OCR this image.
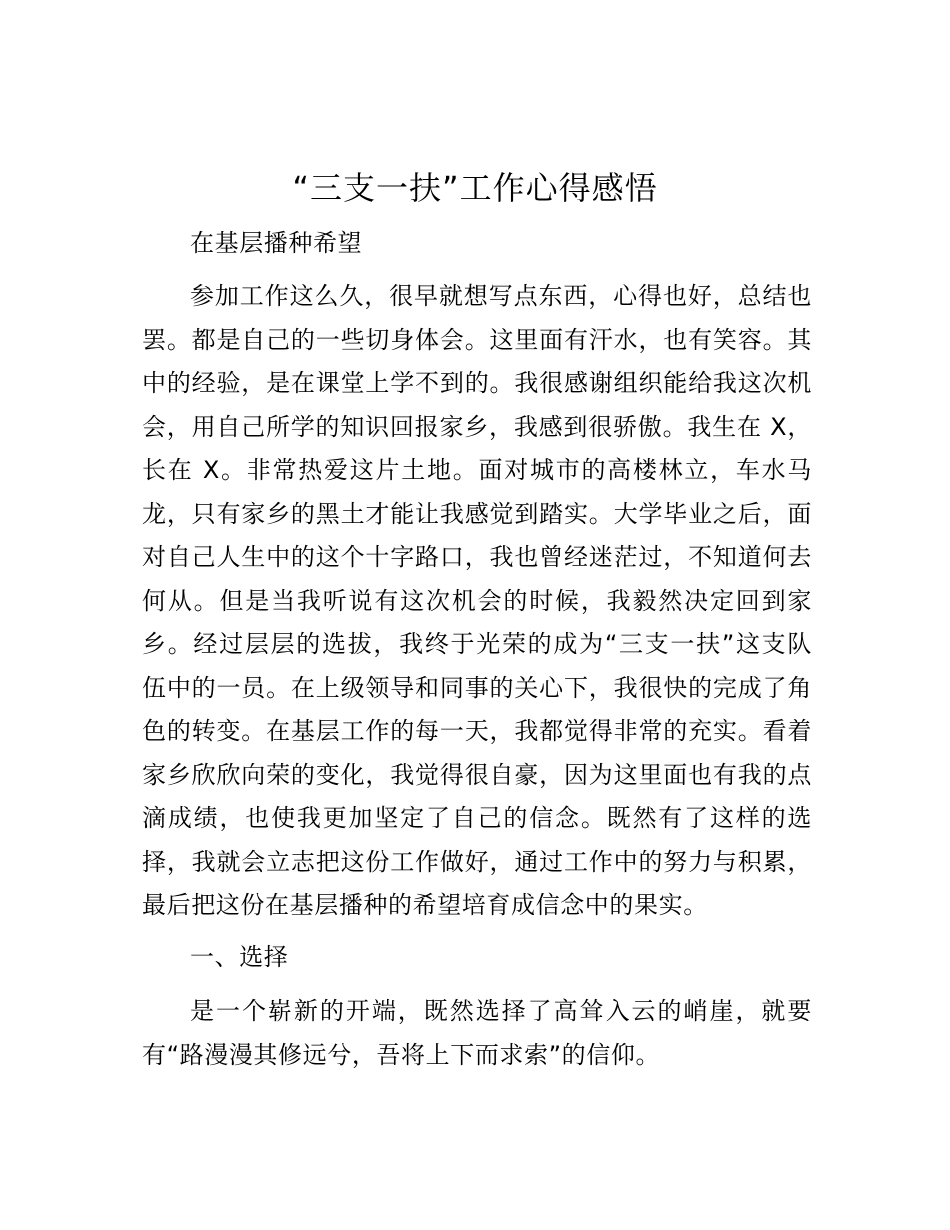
“三支一扶”工作心得感悟
在基层播种希望
参加工作这么久，很早就想写点东西，心得也好，总结也
罢。都是自己的一些切身体会。这里面有汗水，也有笑容。其
中的经验，是在课堂上学不到的。我很感谢组织能给我这次机
会，用自己所学的知识回报家乡，我感到很骄傲。我生在 X，
长在 X。非常热爱这片土地。面对城市的高楼林立，车水马
龙，只有家乡的黑土才能让我感觉到踏实。大学毕业之后，面
对自己人生中的这个十字路口，我也曾经迷茫过，不知道何去
何从。但是当我听说有这次机会的时候，我毅然决定回到家
乡。经过层层的选拔，我终于光荣的成为“三支一扶”这支队
伍中的一员。在上级领导和同事的关心下，我很快的完成了角
色的转变。在基层工作的每一天，我都觉得非常的充实。看着
家乡欣欣向荣的变化，我觉得很自豪，因为这里面也有我的点
滴成绩，也使我更加坚定了自己的信念。既然有了这样的选
择，我就会立志把这份工作做好，通过工作中的努力与积累，
最后把这份在基层播种的希望培育成信念中的果实。
一、选择
是一个崭新的开端，既然选择了高耸入云的峭崖，就要
有“路漫漫其修远兮，吾将上下而求索”的信仰。
